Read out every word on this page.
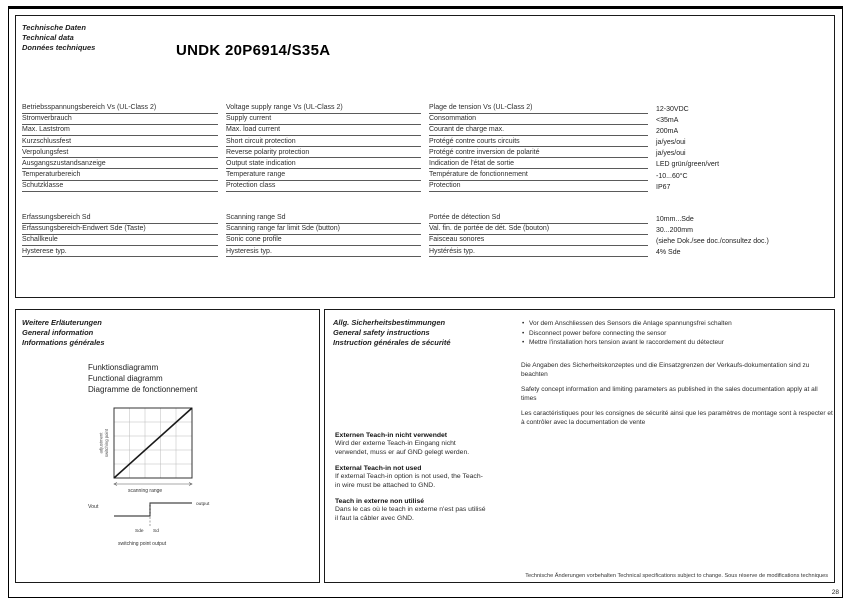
Technische Daten
Technical data
Données techniques	UNDK 20P6914/S35A
Betriebsspannungsbereich Vs (UL-Class 2)	Voltage supply range Vs (UL-Class 2)	Plage de tension Vs (UL-Class 2)	12-30VDC
Stromverbrauch	Supply current	Consommation	<35mA
Max. Laststrom	Max. load current	Courant de charge max.	200mA
Kurzschlussfest	Short circuit protection	Protégé contre courts circuits	ja/yes/oui
Verpolungsfest	Reverse polarity protection	Protégé contre inversion de polarité	ja/yes/oui
Ausgangszustandsanzeige	Output state indication	Indication de l'état de sortie	LED grün/green/vert
Temperaturbereich	Temperature range	Température de fonctionnement	-10...60°C
Schutzklasse	Protection class	Protection	IP67
Erfassungsbereich Sd	Scanning range Sd	Portée de détection Sd	10mm...Sde
Erfassungsbereich-Endwert Sde (Taste)	Scanning range far limit Sde (button)	Val. fin. de portée de dét. Sde (bouton)	30...200mm
Schallkeule	Sonic cone profile	Faisceau sonores	(siehe Dok./see doc./consultez doc.)
Hysterese typ.	Hysteresis typ.	Hystérésis typ.	4% Sde
Weitere Erläuterungen
General information
Informations générales
Funktionsdiagramm
Functional diagramm
Diagramme de fonctionnement
switching point
adjustment
scanning range
Vout
Sde Sd
output
switching point output
Allg. Sicherheitsbestimmungen
General safety instructions
Instruction générales de sécurité
• Vor dem Anschliessen des Sensors die Anlage spannungsfrei schalten
• Disconnect power before connecting the sensor
• Mettre l'installation hors tension avant le raccordement du détecteur

Die Angaben des Sicherheitskonzeptes und die Einsatzgrenzen der Verkaufs-dokumentation sind zu beachten

Safety concept information and limiting parameters as published in the sales documentation apply at all times

Les caractéristiques pour les consignes de sécurité ainsi que les paramètres de montage sont à respecter et à contrôler avec la documentation de vente

Externen Teach-in nicht verwendet

Wird der externe Teach-in Eingang nicht verwendet, muss er auf GND gelegt werden.

External Teach-in not used

If external Teach-in option is not used, the Teach-in wire must be attached to GND.

Teach in externe non utilisé

Dans le cas où le teach in externe n'est pas utilisé il faut la câbler avec GND.

Technische Änderungen vorbehalten Technical specifications subject to change. Sous réserve de modifications techniques
28
